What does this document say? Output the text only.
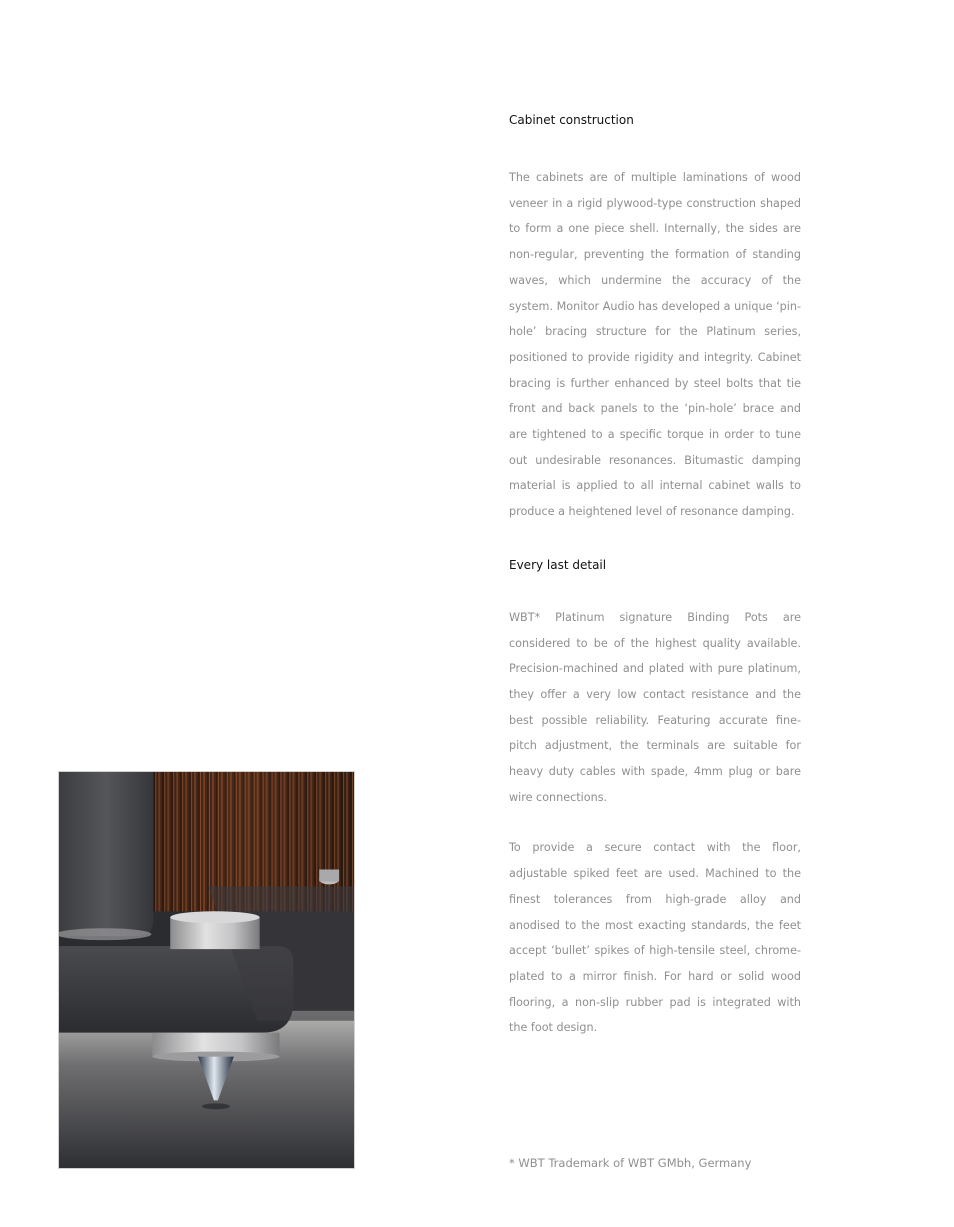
Cabinet construction

The cabinets are of multiple laminations of wood veneer in a rigid plywood-type construction shaped to form a one piece shell. Internally, the sides are non-regular, preventing the formation of standing waves, which undermine the accuracy of the system. Monitor Audio has developed a unique ‘pin-hole’ bracing structure for the Platinum series, positioned to provide rigidity and integrity. Cabinet bracing is further enhanced by steel bolts that tie front and back panels to the ‘pin-hole’ brace and are tightened to a specific torque in order to tune out undesirable resonances. Bitumastic damping material is applied to all internal cabinet walls to produce a heightened level of resonance damping.

Every last detail

WBT* Platinum signature Binding Pots are considered to be of the highest quality available. Precision-machined and plated with pure platinum, they offer a very low contact resistance and the best possible reliability. Featuring accurate fine-pitch adjustment, the terminals are suitable for heavy duty cables with spade, 4mm plug or bare wire connections.

To provide a secure contact with the floor, adjustable spiked feet are used. Machined to the finest tolerances from high-grade alloy and anodised to the most exacting standards, the feet accept ‘bullet’ spikes of high-tensile steel, chrome-plated to a mirror finish. For hard or solid wood flooring, a non-slip rubber pad is integrated with the foot design.

* WBT Trademark of WBT GMbh, Germany
